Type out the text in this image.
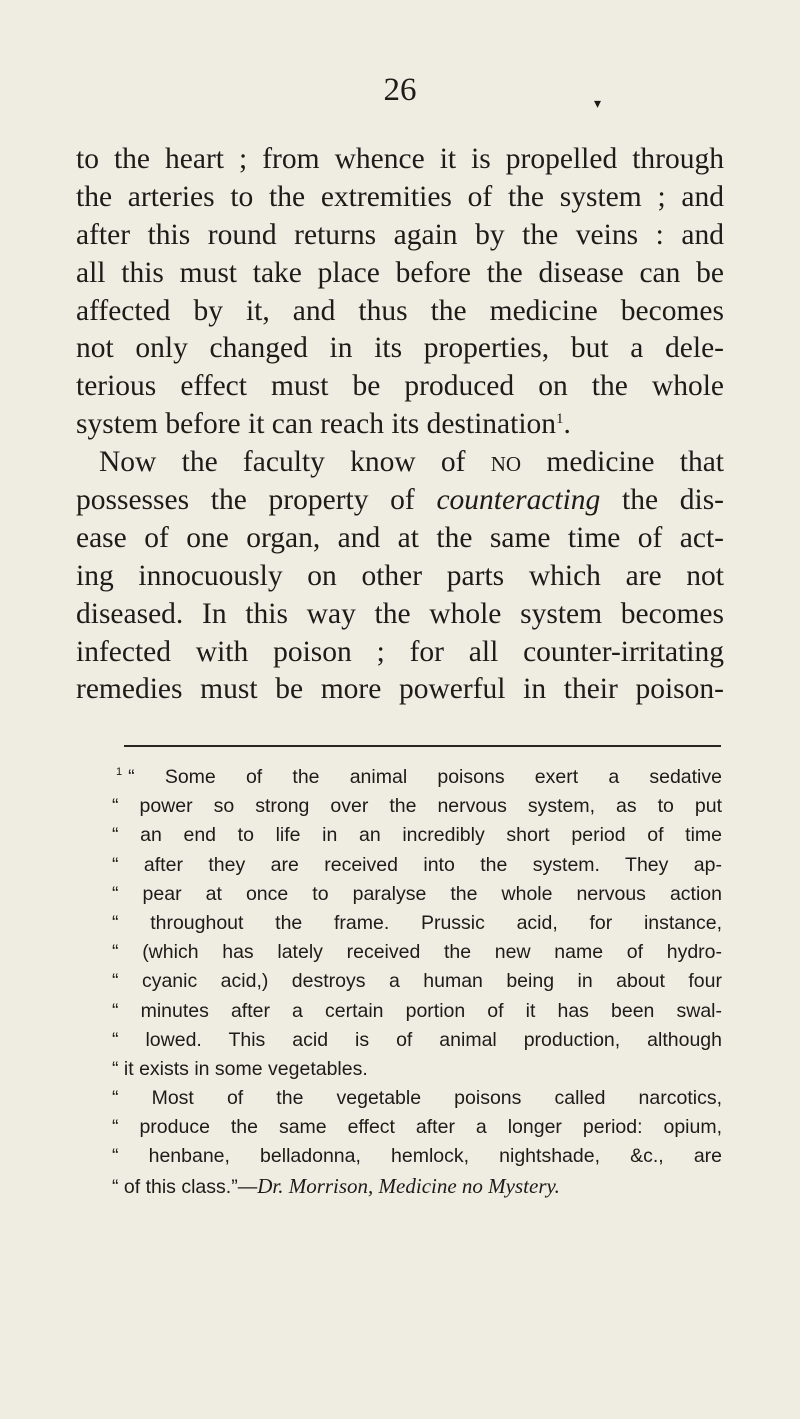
26	▾
to the heart ; from whence it is propelled through
the arteries to the extremities of the system ; and
after this round returns again by the veins : and
all this must take place before the disease can be
affected by it, and thus the medicine becomes
not only changed in its properties, but a dele-
terious effect must be produced on the whole
system before it can reach its destination$^1$.
Now the faculty know of no medicine that
possesses the property of counteracting the dis-
ease of one organ, and at the same time of act-
ing innocuously on other parts which are not
diseased. In this way the whole system becomes
infected with poison ; for all counter-irritating
remedies must be more powerful in their poison-
$^1$ “ Some of the animal poisons exert a sedative
“ power so strong over the nervous system, as to put
“ an end to life in an incredibly short period of time
“ after they are received into the system. They ap-
“ pear at once to paralyse the whole nervous action
“ throughout the frame. Prussic acid, for instance,
“ (which has lately received the new name of hydro-
“ cyanic acid,) destroys a human being in about four
“ minutes after a certain portion of it has been swal-
“ lowed. This acid is of animal production, although
“ it exists in some vegetables.
“ Most of the vegetable poisons called narcotics,
“ produce the same effect after a longer period: opium,
“ henbane, belladonna, hemlock, nightshade, &c., are
“ of this class.”—Dr. Morrison, Medicine no Mystery.
